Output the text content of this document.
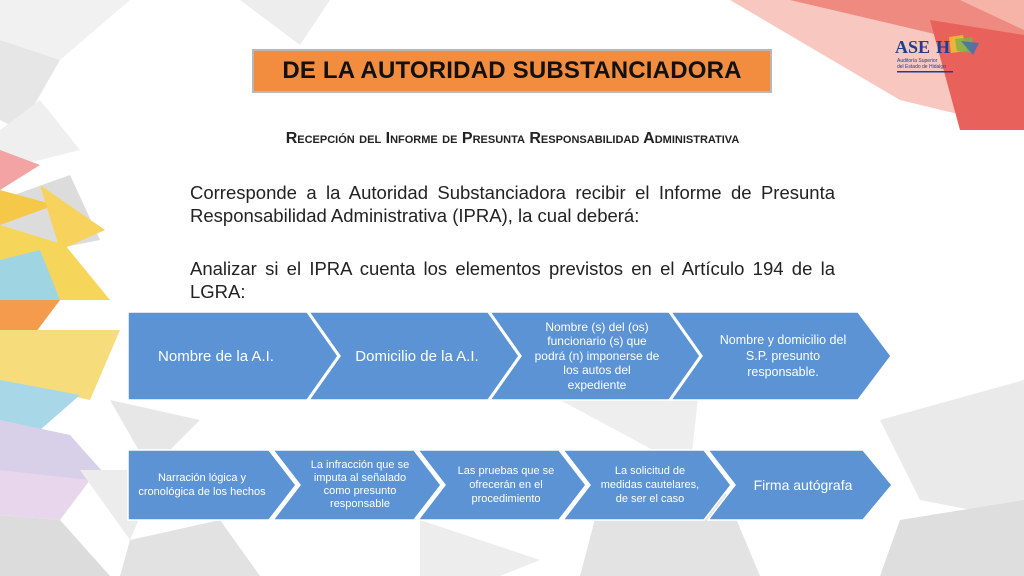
ASE H
Auditoría Superior
del Estado de Hidalgo
DE LA AUTORIDAD SUBSTANCIADORA
Recepción del Informe de Presunta Responsabilidad Administrativa

Corresponde a la Autoridad Substanciadora recibir el Informe de Presunta Responsabilidad Administrativa (IPRA), la cual deberá:

Analizar si el IPRA cuenta los elementos previstos en el Artículo 194 de la LGRA:

Nombre de la A.I.	Domicilio de la A.I.
Nombre (s) del (os) funcionario (s) que podrá (n) imponerse de los autos del expediente
Nombre y domicilio del S.P. presunto responsable.
Narración lógica y cronológica de los hechos
La infracción que se imputa al señalado como presunto responsable
Las pruebas que se ofrecerán en el procedimiento
La solicitud de medidas cautelares, de ser el caso
Firma autógrafa
